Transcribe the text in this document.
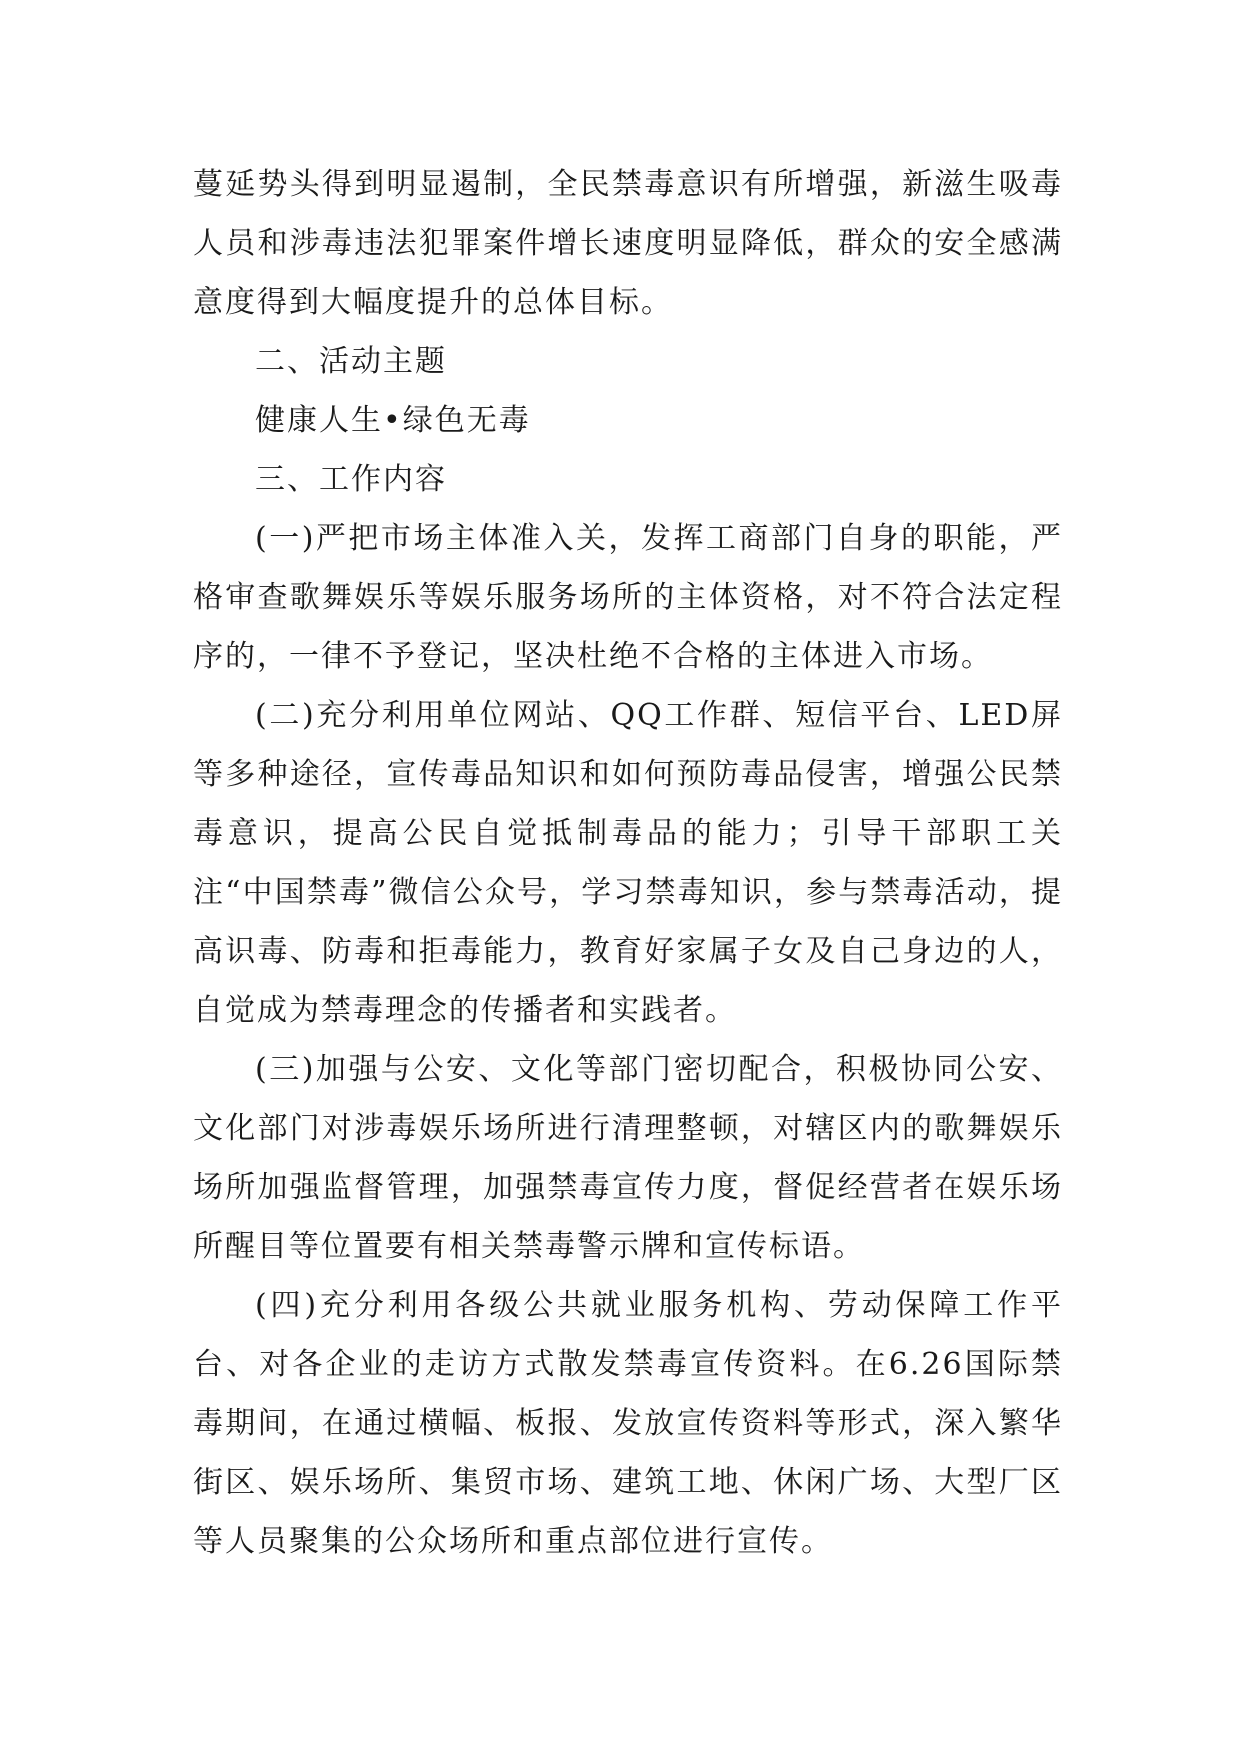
蔓延势头得到明显遏制，全民禁毒意识有所增强，新滋生吸毒人员和涉毒违法犯罪案件增长速度明显降低，群众的安全感满意度得到大幅度提升的总体目标。

二、活动主题

健康人生•绿色无毒

三、工作内容

(一)严把市场主体准入关，发挥工商部门自身的职能，严格审查歌舞娱乐等娱乐服务场所的主体资格，对不符合法定程序的，一律不予登记，坚决杜绝不合格的主体进入市场。

(二)充分利用单位网站、QQ工作群、短信平台、LED屏等多种途径，宣传毒品知识和如何预防毒品侵害，增强公民禁毒意识，提高公民自觉抵制毒品的能力；引导干部职工关注“中国禁毒”微信公众号，学习禁毒知识，参与禁毒活动，提高识毒、防毒和拒毒能力，教育好家属子女及自己身边的人，自觉成为禁毒理念的传播者和实践者。

(三)加强与公安、文化等部门密切配合，积极协同公安、文化部门对涉毒娱乐场所进行清理整顿，对辖区内的歌舞娱乐场所加强监督管理，加强禁毒宣传力度，督促经营者在娱乐场所醒目等位置要有相关禁毒警示牌和宣传标语。

(四)充分利用各级公共就业服务机构、劳动保障工作平台、对各企业的走访方式散发禁毒宣传资料。在6.26国际禁毒期间，在通过横幅、板报、发放宣传资料等形式，深入繁华街区、娱乐场所、集贸市场、建筑工地、休闲广场、大型厂区等人员聚集的公众场所和重点部位进行宣传。
